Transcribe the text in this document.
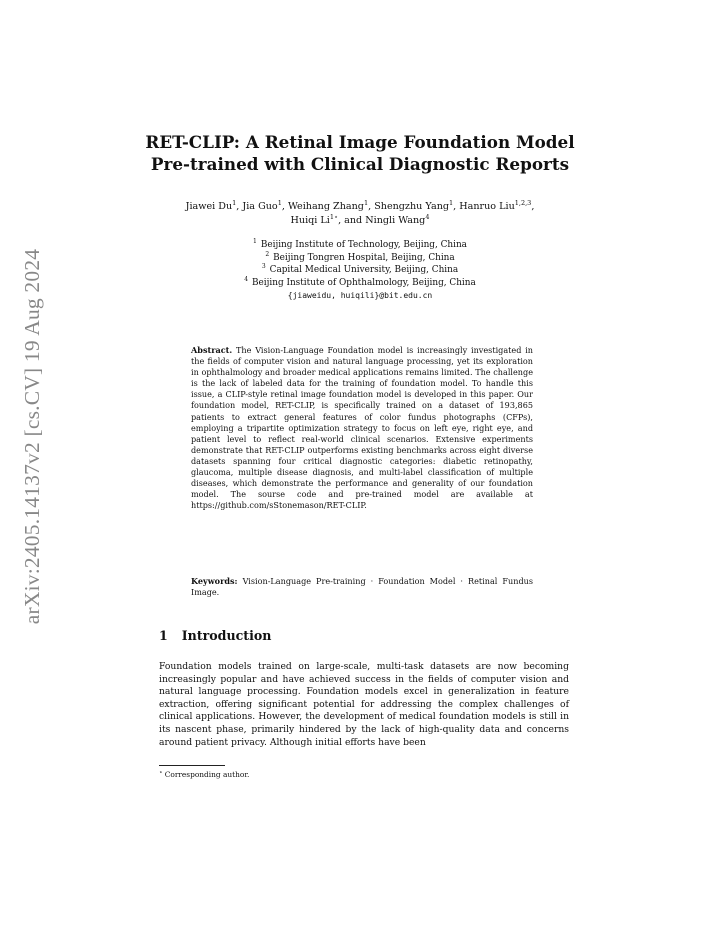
arXiv:2405.14137v2 [cs.CV] 19 Aug 2024
RET-CLIP: A Retinal Image Foundation Model
Pre-trained with Clinical Diagnostic Reports
Jiawei Du$^1$, Jia Guo$^1$, Weihang Zhang$^1$, Shengzhu Yang$^1$, Hanruo Liu$^{1,2,3}$,
Huiqi $Li^{1⋆}$, and Ningli Wang$^4$
$^1$ Beijing Institute of Technology, Beijing, China
$^2$ Beijing Tongren Hospital, Beijing, China
$^3$ Capital Medical University, Beijing, China
$^4$ Beijing Institute of Ophthalmology, Beijing, China
{jiaweidu, huiqili}@bit.edu.cn
Abstract. The Vision-Language Foundation model is increasingly investigated in the fields of computer vision and natural language processing, yet its exploration in ophthalmology and broader medical applications remains limited. The challenge is the lack of labeled data for the training of foundation model. To handle this issue, a CLIP-style retinal image foundation model is developed in this paper. Our foundation model, RET-CLIP, is specifically trained on a dataset of 193,865 patients to extract general features of color fundus photographs (CFPs), employing a tripartite optimization strategy to focus on left eye, right eye, and patient level to reflect real-world clinical scenarios. Extensive experiments demonstrate that RET-CLIP outperforms existing benchmarks across eight diverse datasets spanning four critical diagnostic categories: diabetic retinopathy, glaucoma, multiple disease diagnosis, and multi-label classification of multiple diseases, which demonstrate the performance and generality of our foundation model. The sourse code and pre-trained model are available at https://github.com/sStonemason/RET-CLIP.
Keywords: Vision-Language Pre-training · Foundation Model · Retinal Fundus Image.
1 Introduction
Foundation models trained on large-scale, multi-task datasets are now becoming increasingly popular and have achieved success in the fields of computer vision and natural language processing. Foundation models excel in generalization in feature extraction, offering significant potential for addressing the complex challenges of clinical applications. However, the development of medical foundation models is still in its nascent phase, primarily hindered by the lack of high-quality data and concerns around patient privacy. Although initial efforts have been
⋆ Corresponding author.
